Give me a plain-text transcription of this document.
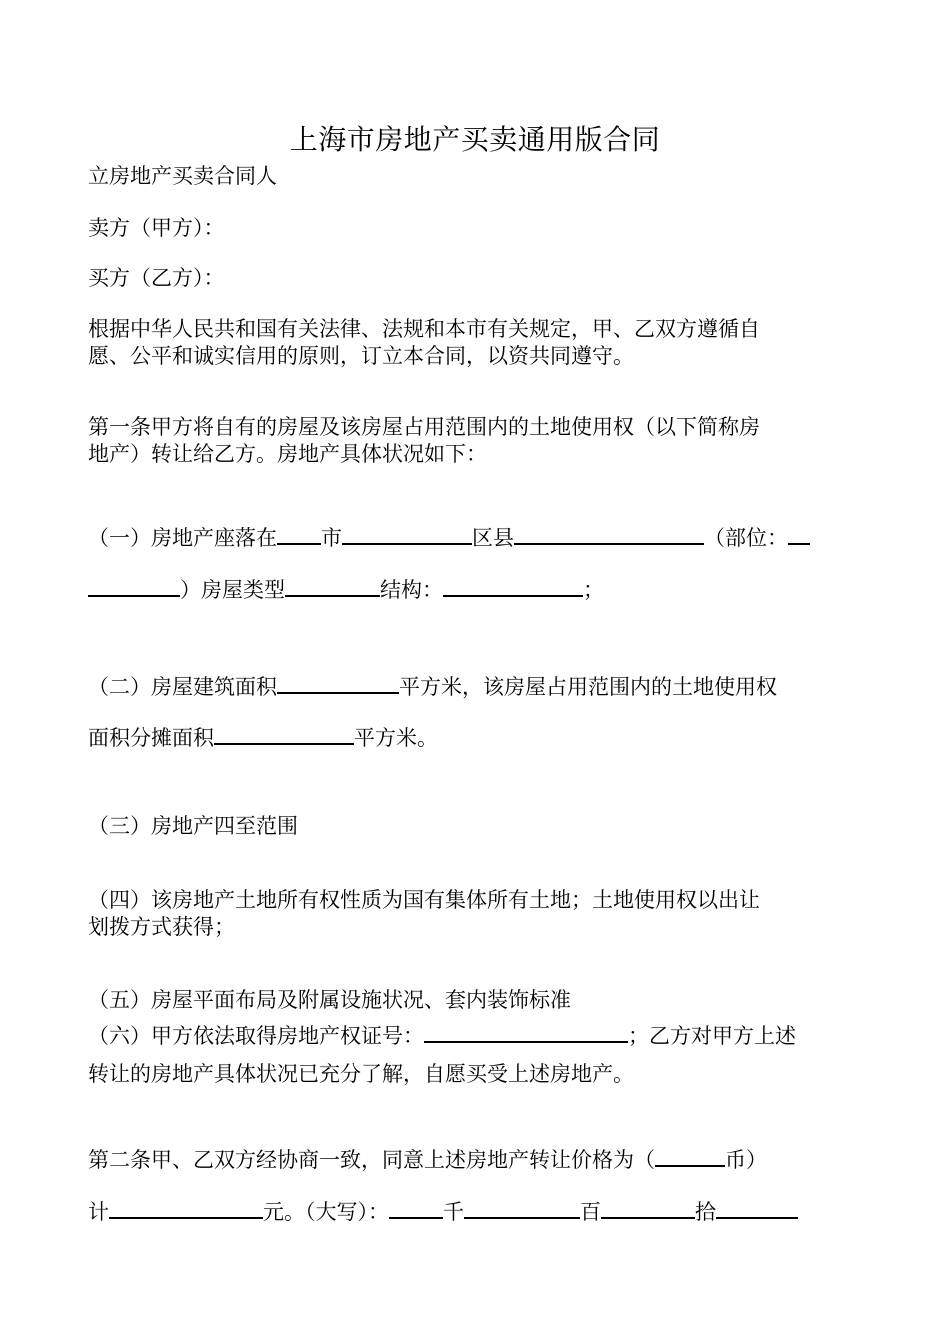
上海市房地产买卖通用版合同
立房地产买卖合同人
卖方（甲方）：
买方（乙方）：
根据中华人民共和国有关法律、法规和本市有关规定，甲、乙双方遵循自
愿、公平和诚实信用的原则，订立本合同，以资共同遵守。
第一条甲方将自有的房屋及该房屋占用范围内的土地使用权（以下简称房
地产）转让给乙方。房地产具体状况如下：
（一）房地产座落在 市	区县	（部位：
）房屋类型	结构：	；
（二）房屋建筑面积	平方米，该房屋占用范围内的土地使用权
面积分摊面积	平方米。
（三）房地产四至范围
（四）该房地产土地所有权性质为国有集体所有土地；土地使用权以出让
划拨方式获得；
（五）房屋平面布局及附属设施状况、套内装饰标准
（六）甲方依法取得房地产权证号：	；乙方对甲方上述
转让的房地产具体状况已充分了解，自愿买受上述房地产。
第二条甲、乙双方经协商一致，同意上述房地产转让价格为（	币）
计	元。（大写）：	千	百	拾
